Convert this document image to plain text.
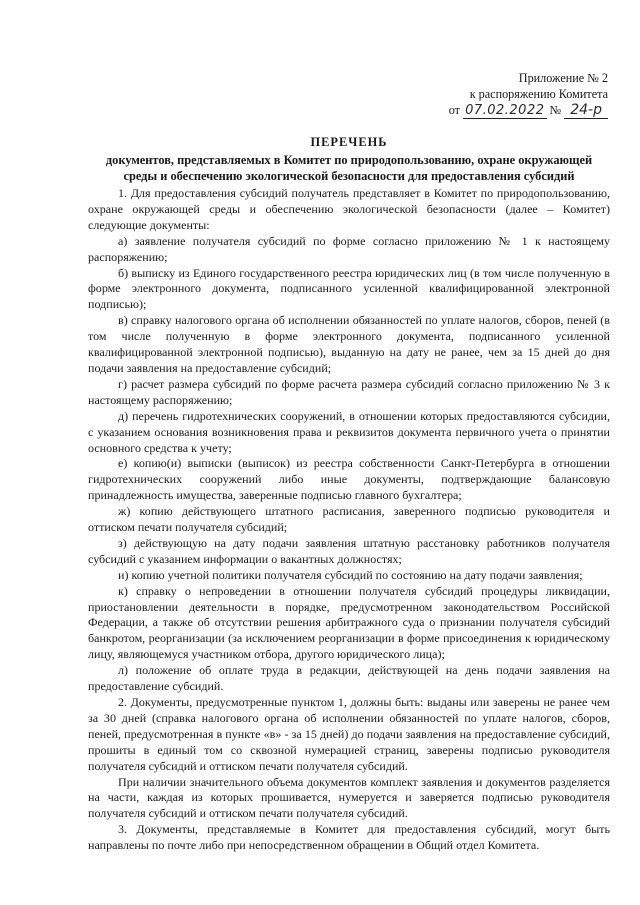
Приложение № 2
к распоряжению Комитета
от 07.02.2022 № 24-р
ПЕРЕЧЕНЬ
документов, представляемых в Комитет по природопользованию, охране окружающей среды и обеспечению экологической безопасности для предоставления субсидий

1. Для предоставления субсидий получатель представляет в Комитет по природопользованию, охране окружающей среды и обеспечению экологической безопасности (далее – Комитет) следующие документы:

а) заявление получателя субсидий по форме согласно приложению № 1 к настоящему распоряжению;

б) выписку из Единого государственного реестра юридических лиц (в том числе полученную в форме электронного документа, подписанного усиленной квалифицированной электронной подписью);

в) справку налогового органа об исполнении обязанностей по уплате налогов, сборов, пеней (в том числе полученную в форме электронного документа, подписанного усиленной квалифицированной электронной подписью), выданную на дату не ранее, чем за 15 дней до дня подачи заявления на предоставление субсидий;

г) расчет размера субсидий по форме расчета размера субсидий согласно приложению № 3 к настоящему распоряжению;

д) перечень гидротехнических сооружений, в отношении которых предоставляются субсидии, с указанием основания возникновения права и реквизитов документа первичного учета о принятии основного средства к учету;

е) копию(и) выписки (выписок) из реестра собственности Санкт-Петербурга в отношении гидротехнических сооружений либо иные документы, подтверждающие балансовую принадлежность имущества, заверенные подписью главного бухгалтера;

ж) копию действующего штатного расписания, заверенного подписью руководителя и оттиском печати получателя субсидий;

з) действующую на дату подачи заявления штатную расстановку работников получателя субсидий с указанием информации о вакантных должностях;

и) копию учетной политики получателя субсидий по состоянию на дату подачи заявления;

к) справку о непроведении в отношении получателя субсидий процедуры ликвидации, приостановлении деятельности в порядке, предусмотренном законодательством Российской Федерации, а также об отсутствии решения арбитражного суда о признании получателя субсидий банкротом, реорганизации (за исключением реорганизации в форме присоединения к юридическому лицу, являющемуся участником отбора, другого юридического лица);

л) положение об оплате труда в редакции, действующей на день подачи заявления на предоставление субсидий.

2. Документы, предусмотренные пунктом 1, должны быть: выданы или заверены не ранее чем за 30 дней (справка налогового органа об исполнении обязанностей по уплате налогов, сборов, пеней, предусмотренная в пункте «в» - за 15 дней) до подачи заявления на предоставление субсидий, прошиты в единый том со сквозной нумерацией страниц, заверены подписью руководителя получателя субсидий и оттиском печати получателя субсидий.

При наличии значительного объема документов комплект заявления и документов разделяется на части, каждая из которых прошивается, нумеруется и заверяется подписью руководителя получателя субсидий и оттиском печати получателя субсидий.

3. Документы, представляемые в Комитет для предоставления субсидий, могут быть направлены по почте либо при непосредственном обращении в Общий отдел Комитета.
